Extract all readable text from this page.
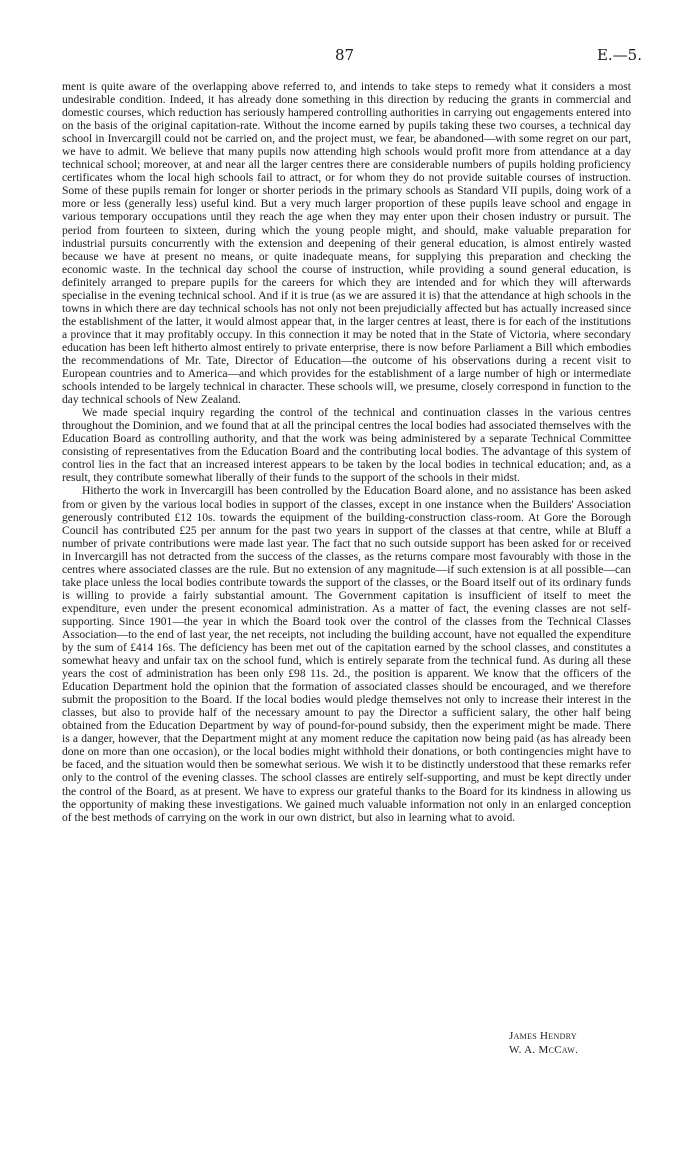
87	E.—5.

ment is quite aware of the overlapping above referred to, and intends to take steps to remedy what it considers a most undesirable condition. Indeed, it has already done something in this direction by reducing the grants in commercial and domestic courses, which reduction has seriously hampered controlling authorities in carrying out engagements entered into on the basis of the original capitation-rate. Without the income earned by pupils taking these two courses, a technical day school in Invercargill could not be carried on, and the project must, we fear, be abandoned—with some regret on our part, we have to admit. We believe that many pupils now attending high schools would profit more from attendance at a day technical school; moreover, at and near all the larger centres there are considerable numbers of pupils holding proficiency certificates whom the local high schools fail to attract, or for whom they do not provide suitable courses of instruction. Some of these pupils remain for longer or shorter periods in the primary schools as Standard VII pupils, doing work of a more or less (generally less) useful kind. But a very much larger proportion of these pupils leave school and engage in various temporary occupations until they reach the age when they may enter upon their chosen industry or pursuit. The period from fourteen to sixteen, during which the young people might, and should, make valuable preparation for industrial pursuits concurrently with the extension and deepening of their general education, is almost entirely wasted because we have at present no means, or quite inadequate means, for supplying this preparation and checking the economic waste. In the technical day school the course of instruction, while providing a sound general education, is definitely arranged to prepare pupils for the careers for which they are intended and for which they will afterwards specialise in the evening technical school. And if it is true (as we are assured it is) that the attendance at high schools in the towns in which there are day technical schools has not only not been prejudicially affected but has actually increased since the establishment of the latter, it would almost appear that, in the larger centres at least, there is for each of the institutions a province that it may profitably occupy. In this connection it may be noted that in the State of Victoria, where secondary education has been left hitherto almost entirely to private enterprise, there is now before Parliament a Bill which embodies the recommendations of Mr. Tate, Director of Education—the outcome of his observations during a recent visit to European countries and to America—and which provides for the establishment of a large number of high or intermediate schools intended to be largely technical in character. These schools will, we presume, closely correspond in function to the day technical schools of New Zealand.

We made special inquiry regarding the control of the technical and continuation classes in the various centres throughout the Dominion, and we found that at all the principal centres the local bodies had associated themselves with the Education Board as controlling authority, and that the work was being administered by a separate Technical Committee consisting of representatives from the Education Board and the contributing local bodies. The advantage of this system of control lies in the fact that an increased interest appears to be taken by the local bodies in technical education; and, as a result, they contribute somewhat liberally of their funds to the support of the schools in their midst.

Hitherto the work in Invercargill has been controlled by the Education Board alone, and no assistance has been asked from or given by the various local bodies in support of the classes, except in one instance when the Builders' Association generously contributed £12 10s. towards the equipment of the building-construction class-room. At Gore the Borough Council has contributed £25 per annum for the past two years in support of the classes at that centre, while at Bluff a number of private contributions were made last year. The fact that no such outside support has been asked for or received in Invercargill has not detracted from the success of the classes, as the returns compare most favourably with those in the centres where associated classes are the rule. But no extension of any magnitude—if such extension is at all possible—can take place unless the local bodies contribute towards the support of the classes, or the Board itself out of its ordinary funds is willing to provide a fairly substantial amount. The Government capitation is insufficient of itself to meet the expenditure, even under the present economical administration. As a matter of fact, the evening classes are not self-supporting. Since 1901—the year in which the Board took over the control of the classes from the Technical Classes Association—to the end of last year, the net receipts, not including the building account, have not equalled the expenditure by the sum of £414 16s. The deficiency has been met out of the capitation earned by the school classes, and constitutes a somewhat heavy and unfair tax on the school fund, which is entirely separate from the technical fund. As during all these years the cost of administration has been only £98 11s. 2d., the position is apparent. We know that the officers of the Education Department hold the opinion that the formation of associated classes should be encouraged, and we therefore submit the proposition to the Board. If the local bodies would pledge themselves not only to increase their interest in the classes, but also to provide half of the necessary amount to pay the Director a sufficient salary, the other half being obtained from the Education Department by way of pound-for-pound subsidy, then the experiment might be made. There is a danger, however, that the Department might at any moment reduce the capitation now being paid (as has already been done on more than one occasion), or the local bodies might withhold their donations, or both contingencies might have to be faced, and the situation would then be somewhat serious. We wish it to be distinctly understood that these remarks refer only to the control of the evening classes. The school classes are entirely self-supporting, and must be kept directly under the control of the Board, as at present. We have to express our grateful thanks to the Board for its kindness in allowing us the opportunity of making these investigations. We gained much valuable information not only in an enlarged conception of the best methods of carrying on the work in our own district, but also in learning what to avoid.

James Hendry
W. A. McCaw.
